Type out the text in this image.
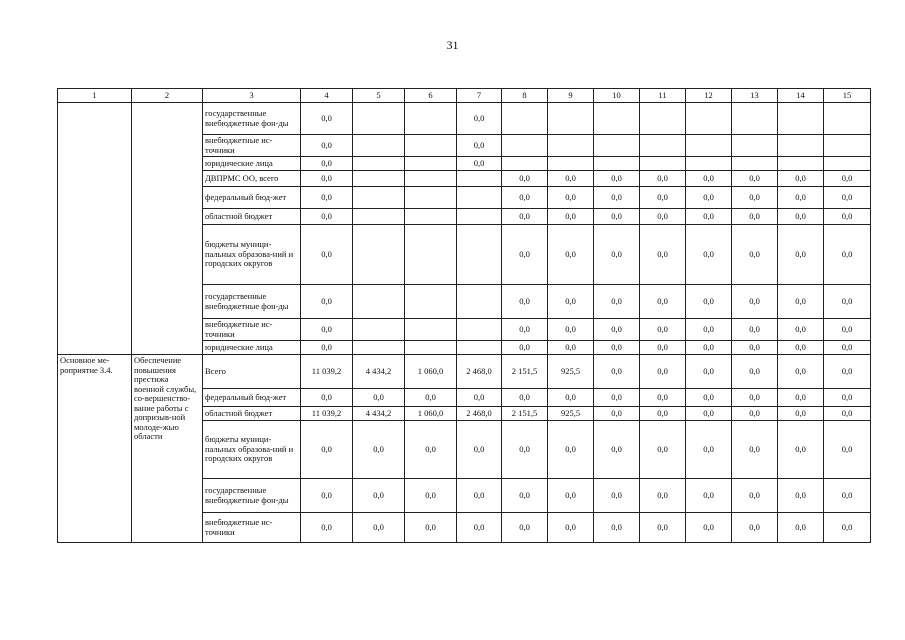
31
1	2	3	4	5	6	7	8	9	10	11	12	13	14	15
		государственные внебюджетные фон-ды	0,0			0,0								
		внебюджетные ис-точники	0,0			0,0								
		юридические лица	0,0			0,0								
		ДВПРМС ОО, всего	0,0				0,0	0,0	0,0	0,0	0,0	0,0	0,0	0,0
		федеральный бюд-жет	0,0				0,0	0,0	0,0	0,0	0,0	0,0	0,0	0,0
		областной бюджет	0,0				0,0	0,0	0,0	0,0	0,0	0,0	0,0	0,0
		бюджеты муници-пальных образова-ний и городских округов	0,0				0,0	0,0	0,0	0,0	0,0	0,0	0,0	0,0
		государственные внебюджетные фон-ды	0,0				0,0	0,0	0,0	0,0	0,0	0,0	0,0	0,0
		внебюджетные ис-точники	0,0				0,0	0,0	0,0	0,0	0,0	0,0	0,0	0,0
		юридические лица	0,0				0,0	0,0	0,0	0,0	0,0	0,0	0,0	0,0
Основное ме-роприятие 3.4.	Обеспечение повышения престижа военной службы, со-вершенство-вание работы с допризыв-ной молоде-жью области	Всего	11 039,2	4 434,2	1 060,0	2 468,0	2 151,5	925,5	0,0	0,0	0,0	0,0	0,0	0,0
		федеральный бюд-жет	0,0	0,0	0,0	0,0	0,0	0,0	0,0	0,0	0,0	0,0	0,0	0,0
		областной бюджет	11 039,2	4 434,2	1 060,0	2 468,0	2 151,5	925,5	0,0	0,0	0,0	0,0	0,0	0,0
		бюджеты муници-пальных образова-ний и городских округов	0,0	0,0	0,0	0,0	0,0	0,0	0,0	0,0	0,0	0,0	0,0	0,0
		государственные внебюджетные фон-ды	0,0	0,0	0,0	0,0	0,0	0,0	0,0	0,0	0,0	0,0	0,0	0,0
		внебюджетные ис-точники	0,0	0,0	0,0	0,0	0,0	0,0	0,0	0,0	0,0	0,0	0,0	0,0
